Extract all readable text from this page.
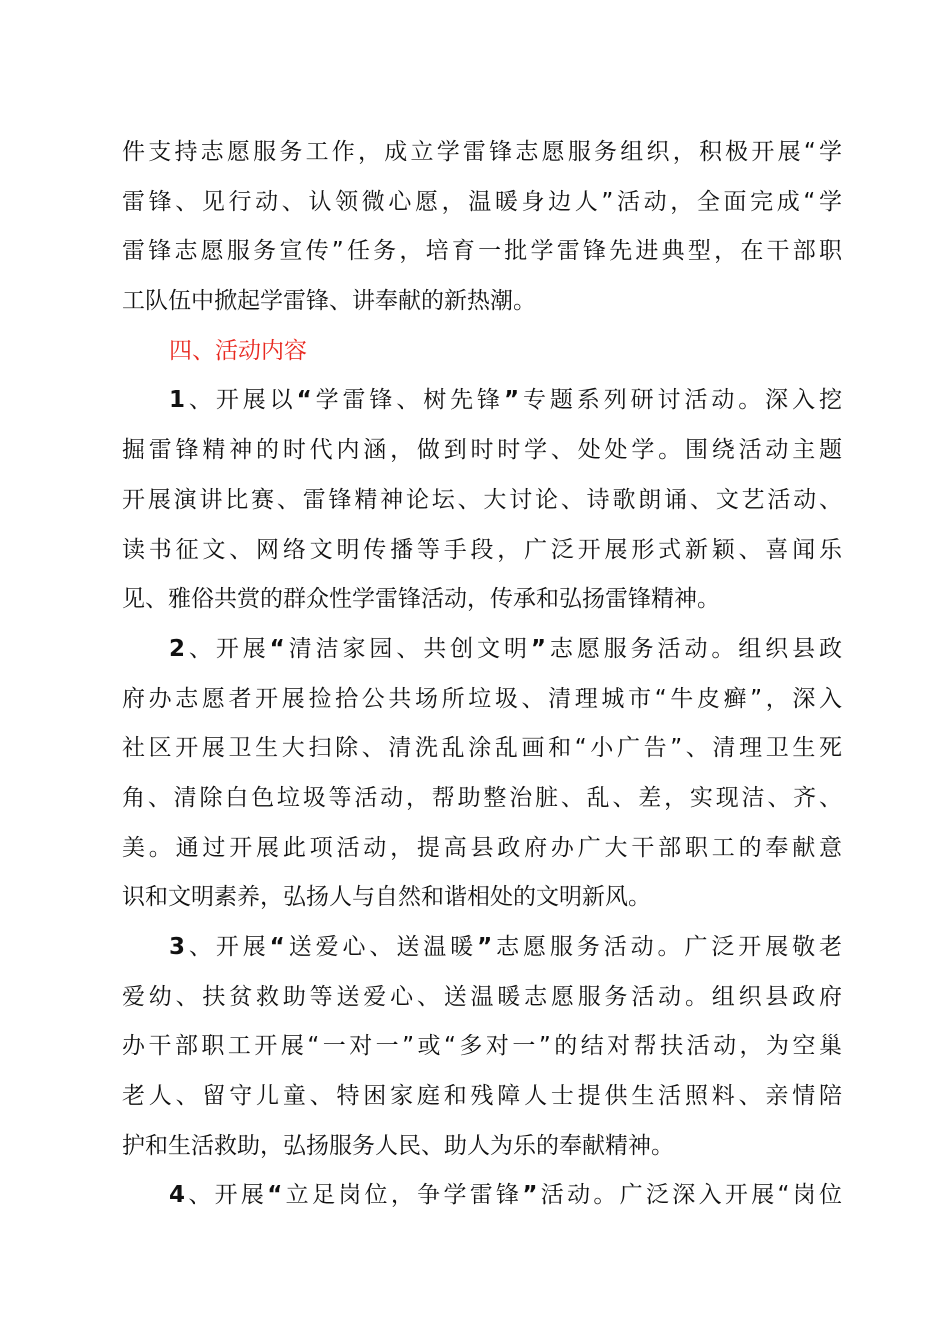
件支持志愿服务工作，成立学雷锋志愿服务组织，积极开展“学
雷锋、见行动、认领微心愿，温暖身边人”活动，全面完成“学
雷锋志愿服务宣传”任务，培育一批学雷锋先进典型，在干部职
工队伍中掀起学雷锋、讲奉献的新热潮。
四、活动内容
1、开展以“学雷锋、树先锋”专题系列研讨活动。深入挖
掘雷锋精神的时代内涵，做到时时学、处处学。围绕活动主题
开展演讲比赛、雷锋精神论坛、大讨论、诗歌朗诵、文艺活动、
读书征文、网络文明传播等手段，广泛开展形式新颖、喜闻乐
见、雅俗共赏的群众性学雷锋活动，传承和弘扬雷锋精神。
2、开展“清洁家园、共创文明”志愿服务活动。组织县政
府办志愿者开展捡拾公共场所垃圾、清理城市“牛皮癣”，深入
社区开展卫生大扫除、清洗乱涂乱画和“小广告”、清理卫生死
角、清除白色垃圾等活动，帮助整治脏、乱、差，实现洁、齐、
美。通过开展此项活动，提高县政府办广大干部职工的奉献意
识和文明素养，弘扬人与自然和谐相处的文明新风。
3、开展“送爱心、送温暖”志愿服务活动。广泛开展敬老
爱幼、扶贫救助等送爱心、送温暖志愿服务活动。组织县政府
办干部职工开展“一对一”或“多对一”的结对帮扶活动，为空巢
老人、留守儿童、特困家庭和残障人士提供生活照料、亲情陪
护和生活救助，弘扬服务人民、助人为乐的奉献精神。
4、开展“立足岗位，争学雷锋”活动。广泛深入开展“岗位
